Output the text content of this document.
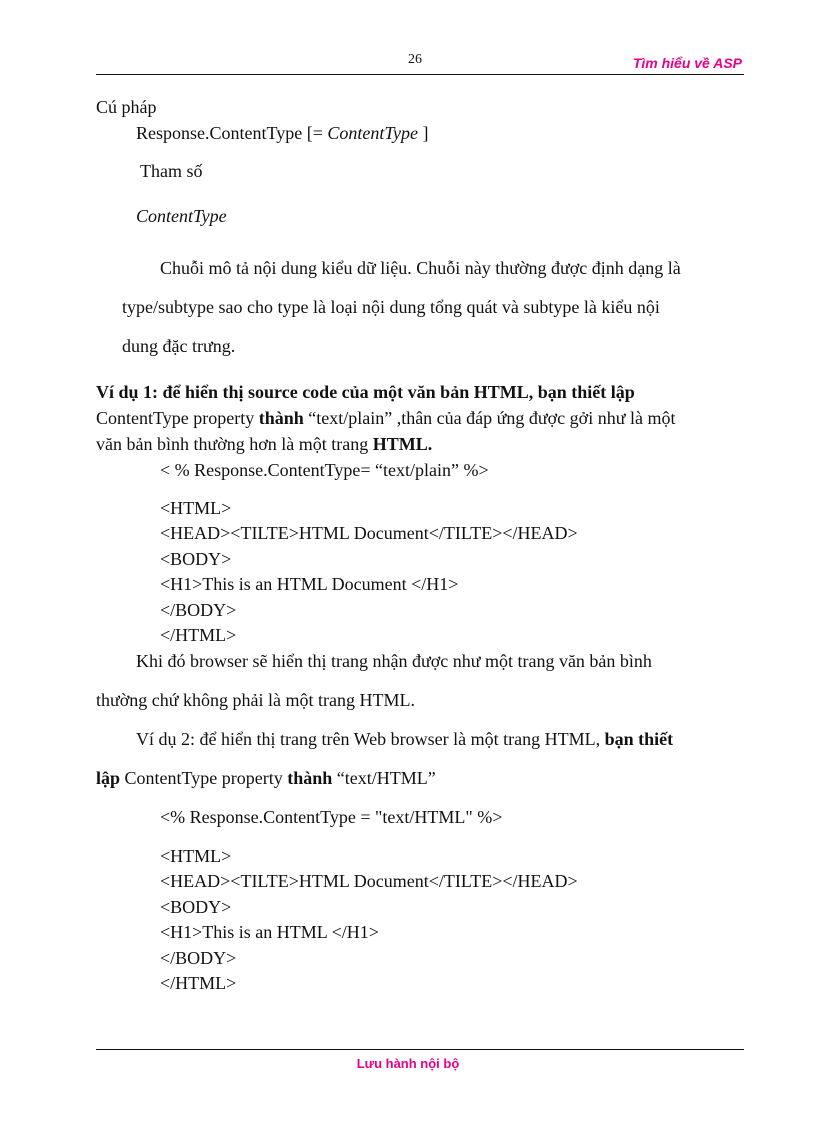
26	Tìm hiểu về ASP
Cú pháp
Response.ContentType [= ContentType ]
Tham số
ContentType
Chuỗi mô tả nội dung kiểu dữ liệu. Chuỗi này thường được định dạng là
type/subtype sao cho type là loại nội dung tổng quát và subtype là kiểu nội
dung đặc trưng.
Ví dụ 1: để hiển thị source code của một văn bản HTML, bạn thiết lập
ContentType property thành “text/plain” ,thân của đáp ứng được gởi như là một
văn bản bình thường hơn là một trang HTML.
< % Response.ContentType= “text/plain” %>
<HTML>
<HEAD><TILTE>HTML Document</TILTE></HEAD>
<BODY>
<H1>This is an HTML Document </H1>
</BODY>
</HTML>
Khi đó browser sẽ hiển thị trang nhận được như một trang văn bản bình
thường chứ không phải là một trang HTML.
Ví dụ 2: để hiển thị trang trên Web browser là một trang HTML, bạn thiết
lập ContentType property thành “text/HTML”
<% Response.ContentType = "text/HTML" %>
<HTML>
<HEAD><TILTE>HTML Document</TILTE></HEAD>
<BODY>
<H1>This is an HTML </H1>
</BODY>
</HTML>
Lưu hành nội bộ
